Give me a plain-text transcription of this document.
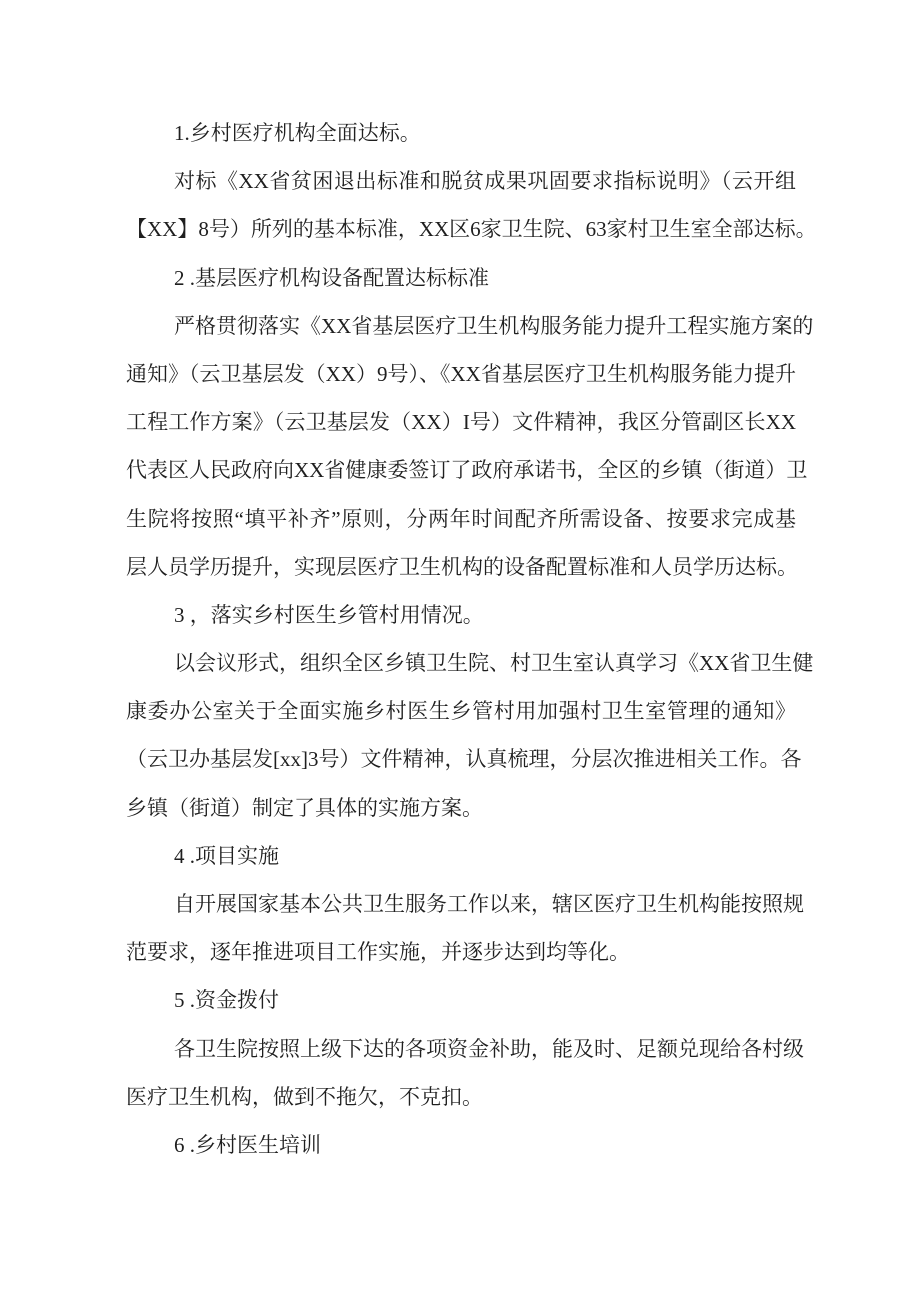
1.乡村医疗机构全面达标。
对标《XX省贫困退出标准和脱贫成果巩固要求指标说明》（云开组
【XX】8号）所列的基本标准，XX区6家卫生院、63家村卫生室全部达标。
2 .基层医疗机构设备配置达标标准
严格贯彻落实《XX省基层医疗卫生机构服务能力提升工程实施方案的
通知》（云卫基层发（XX）9号）、《XX省基层医疗卫生机构服务能力提升
工程工作方案》（云卫基层发（XX）I号）文件精神，我区分管副区长XX
代表区人民政府向XX省健康委签订了政府承诺书，全区的乡镇（街道）卫
生院将按照“填平补齐”原则，分两年时间配齐所需设备、按要求完成基
层人员学历提升，实现层医疗卫生机构的设备配置标准和人员学历达标。
3 ，落实乡村医生乡管村用情况。
以会议形式，组织全区乡镇卫生院、村卫生室认真学习《XX省卫生健
康委办公室关于全面实施乡村医生乡管村用加强村卫生室管理的通知》
（云卫办基层发[xx]3号）文件精神，认真梳理，分层次推进相关工作。各
乡镇（街道）制定了具体的实施方案。
4 .项目实施
自开展国家基本公共卫生服务工作以来，辖区医疗卫生机构能按照规
范要求，逐年推进项目工作实施，并逐步达到均等化。
5 .资金拨付
各卫生院按照上级下达的各项资金补助，能及时、足额兑现给各村级
医疗卫生机构，做到不拖欠，不克扣。
6 .乡村医生培训
